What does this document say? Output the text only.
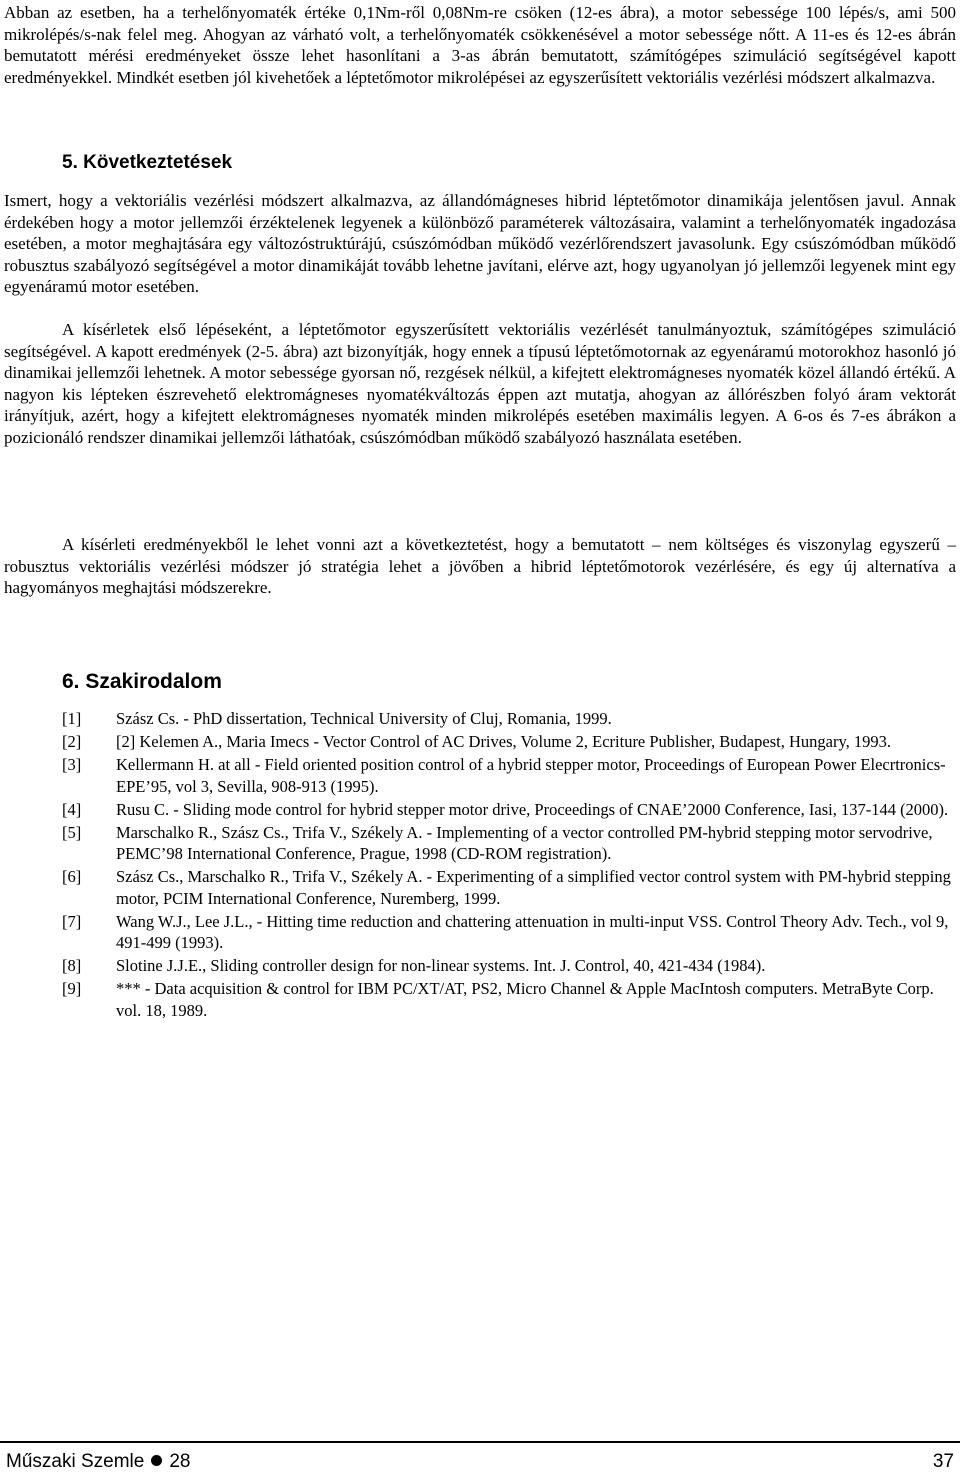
Abban az esetben, ha a terhelőnyomaték értéke 0,1Nm-ről 0,08Nm-re csöken (12-es ábra), a motor sebessége 100 lépés/s, ami 500 mikrolépés/s-nak felel meg. Ahogyan az várható volt, a terhelőnyomaték csökkenésével a motor sebessége nőtt. A 11-es és 12-es ábrán bemutatott mérési eredményeket össze lehet hasonlítani a 3-as ábrán bemutatott, számítógépes szimuláció segítségével kapott eredményekkel. Mindkét esetben jól kivehetőek a léptetőmotor mikrolépései az egyszerűsített vektoriális vezérlési módszert alkalmazva.

5. Következtetések

Ismert, hogy a vektoriális vezérlési módszert alkalmazva, az állandómágneses hibrid léptetőmotor dinamikája jelentősen javul. Annak érdekében hogy a motor jellemzői érzéktelenek legyenek a különböző paraméterek változásaira, valamint a terhelőnyomaték ingadozása esetében, a motor meghajtására egy változóstruktúrájú, csúszómódban működő vezérlőrendszert javasolunk. Egy csúszómódban működő robusztus szabályozó segítségével a motor dinamikáját tovább lehetne javítani, elérve azt, hogy ugyanolyan jó jellemzői legyenek mint egy egyenáramú motor esetében.

A kísérletek első lépéseként, a léptetőmotor egyszerűsített vektoriális vezérlését tanulmányoztuk, számítógépes szimuláció segítségével. A kapott eredmények (2-5. ábra) azt bizonyítják, hogy ennek a típusú léptetőmotornak az egyenáramú motorokhoz hasonló jó dinamikai jellemzői lehetnek. A motor sebessége gyorsan nő, rezgések nélkül, a kifejtett elektromágneses nyomaték közel állandó értékű. A nagyon kis lépteken észrevehető elektromágneses nyomatékváltozás éppen azt mutatja, ahogyan az állórészben folyó áram vektorát irányítjuk, azért, hogy a kifejtett elektromágneses nyomaték minden mikrolépés esetében maximális legyen. A 6-os és 7-es ábrákon a pozicionáló rendszer dinamikai jellemzői láthatóak, csúszómódban működő szabályozó használata esetében.

A kísérleti eredményekből le lehet vonni azt a következtetést, hogy a bemutatott – nem költséges és viszonylag egyszerű – robusztus vektoriális vezérlési módszer jó stratégia lehet a jövőben a hibrid léptetőmotorok vezérlésére, és egy új alternatíva a hagyományos meghajtási módszerekre.

6. Szakirodalom
[1] Szász Cs. - PhD dissertation, Technical University of Cluj, Romania, 1999.
[2] [2] Kelemen A., Maria Imecs - Vector Control of AC Drives, Volume 2, Ecriture Publisher, Budapest, Hungary, 1993.
[3] Kellermann H. at all - Field oriented position control of a hybrid stepper motor, Proceedings of European Power Elecrtronics-EPE’95, vol 3, Sevilla, 908-913 (1995).
[4] Rusu C. - Sliding mode control for hybrid stepper motor drive, Proceedings of CNAE’2000 Conference, Iasi, 137-144 (2000).
[5] Marschalko R., Szász Cs., Trifa V., Székely A. - Implementing of a vector controlled PM-hybrid stepping motor servodrive, PEMC’98 International Conference, Prague, 1998 (CD-ROM registration).
[6] Szász Cs., Marschalko R., Trifa V., Székely A. - Experimenting of a simplified vector control system with PM-hybrid stepping motor, PCIM International Conference, Nuremberg, 1999.
[7] Wang W.J., Lee J.L., - Hitting time reduction and chattering attenuation in multi-input VSS. Control Theory Adv. Tech., vol 9, 491-499 (1993).
[8] Slotine J.J.E., Sliding controller design for non-linear systems. Int. J. Control, 40, 421-434 (1984).
[9] *** - Data acquisition & control for IBM PC/XT/AT, PS2, Micro Channel & Apple MacIntosh computers. MetraByte Corp. vol. 18, 1989.
Műszaki Szemle 28	37
